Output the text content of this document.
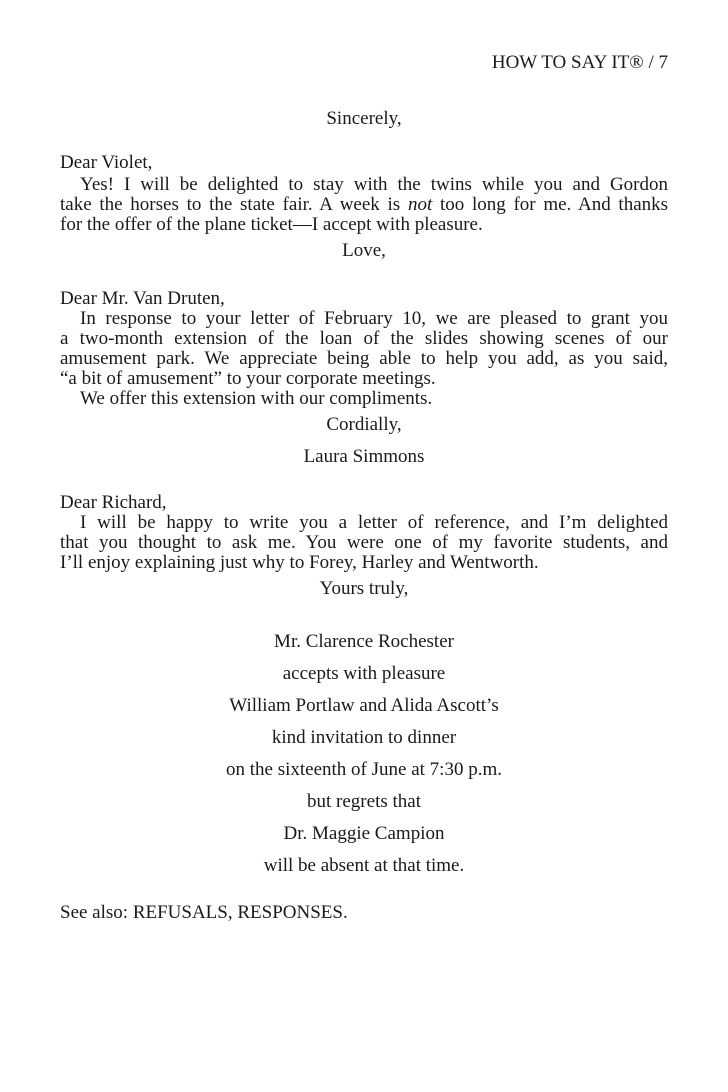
HOW TO SAY IT® / 7
Sincerely,
Dear Violet,
Yes! I will be delighted to stay with the twins while you and Gordon
take the horses to the state fair. A week is not too long for me. And thanks
for the offer of the plane ticket—I accept with pleasure.
Love,
Dear Mr. Van Druten,
In response to your letter of February 10, we are pleased to grant you
a two-month extension of the loan of the slides showing scenes of our
amusement park. We appreciate being able to help you add, as you said,
“a bit of amusement” to your corporate meetings.
We offer this extension with our compliments.
Cordially,
Laura Simmons
Dear Richard,
I will be happy to write you a letter of reference, and I’m delighted
that you thought to ask me. You were one of my favorite students, and
I’ll enjoy explaining just why to Forey, Harley and Wentworth.
Yours truly,
Mr. Clarence Rochester
accepts with pleasure
William Portlaw and Alida Ascott’s
kind invitation to dinner
on the sixteenth of June at 7:30 p.m.
but regrets that
Dr. Maggie Campion
will be absent at that time.
See also: REFUSALS, RESPONSES.
